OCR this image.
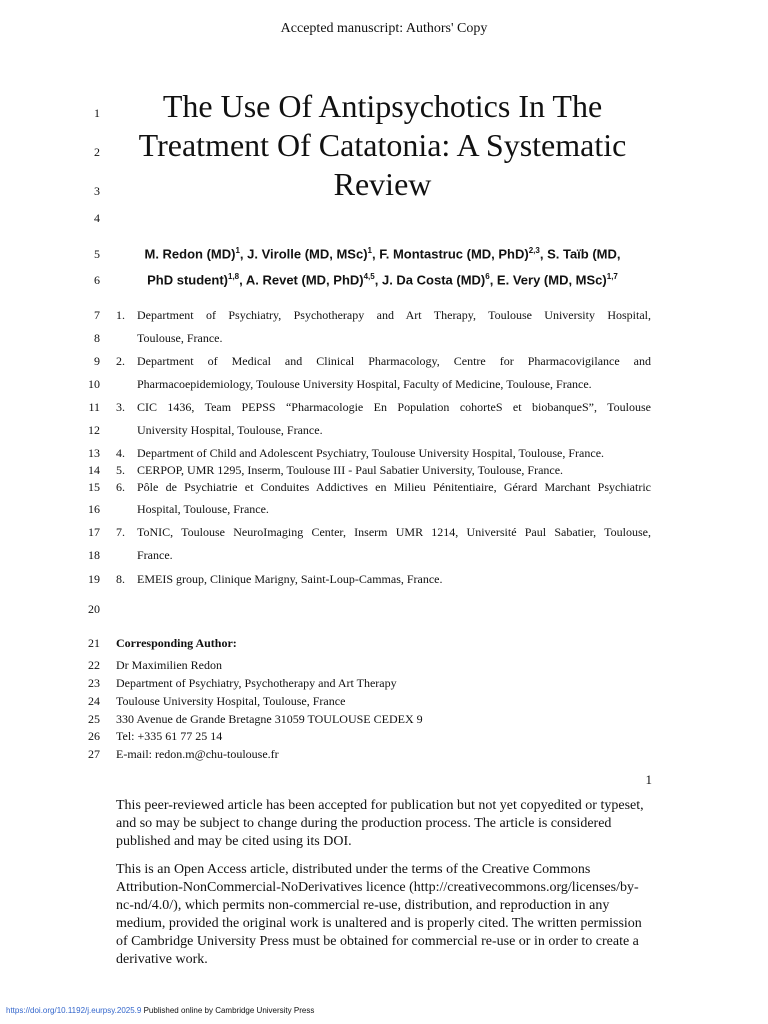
Accepted manuscript: Authors' Copy
1
2
3
4
5
6
7
8
9
10
11
12
13
14
15
16
17
18
19
20
21
22
23
24
25
26
27
The Use Of Antipsychotics In The
Treatment Of Catatonia: A Systematic
Review
M. Redon (MD)$^1$, J. Virolle (MD, MSc)$^1$, F. Montastruc (MD, PhD)$^{2,3}$, S. Taïb (MD,
PhD student)$^{1,8}$, A. Revet (MD, PhD)$^{4,5}$, J. Da Costa (MD)$^6$, E. Very (MD, MSc)$^{1,7}$
1. Department of Psychiatry, Psychotherapy and Art Therapy, Toulouse University Hospital,
Toulouse, France.
2. Department of Medical and Clinical Pharmacology, Centre for Pharmacovigilance and
Pharmacoepidemiology, Toulouse University Hospital, Faculty of Medicine, Toulouse, France.
3. CIC 1436, Team PEPSS “Pharmacologie En Population cohorteS et biobanqueS”, Toulouse
University Hospital, Toulouse, France.
4. Department of Child and Adolescent Psychiatry, Toulouse University Hospital, Toulouse, France.
5. CERPOP, UMR 1295, Inserm, Toulouse III - Paul Sabatier University, Toulouse, France.
6. Pôle de Psychiatrie et Conduites Addictives en Milieu Pénitentiaire, Gérard Marchant Psychiatric
Hospital, Toulouse, France.
7. ToNIC, Toulouse NeuroImaging Center, Inserm UMR 1214, Université Paul Sabatier, Toulouse,
France.
8. EMEIS group, Clinique Marigny, Saint-Loup-Cammas, France.
Corresponding Author:
Dr Maximilien Redon
Department of Psychiatry, Psychotherapy and Art Therapy
Toulouse University Hospital, Toulouse, France
330 Avenue de Grande Bretagne 31059 TOULOUSE CEDEX 9
Tel: +335 61 77 25 14
E-mail: redon.m@chu-toulouse.fr
1

This peer-reviewed article has been accepted for publication but not yet copyedited or typeset, and so may be subject to change during the production process. The article is considered published and may be cited using its DOI.

This is an Open Access article, distributed under the terms of the Creative Commons Attribution-NonCommercial-NoDerivatives licence (http://creativecommons.org/licenses/by-nc-nd/4.0/), which permits non-commercial re-use, distribution, and reproduction in any medium, provided the original work is unaltered and is properly cited. The written permission of Cambridge University Press must be obtained for commercial re-use or in order to create a derivative work.

https://doi.org/10.1192/j.eurpsy.2025.9 Published online by Cambridge University Press
